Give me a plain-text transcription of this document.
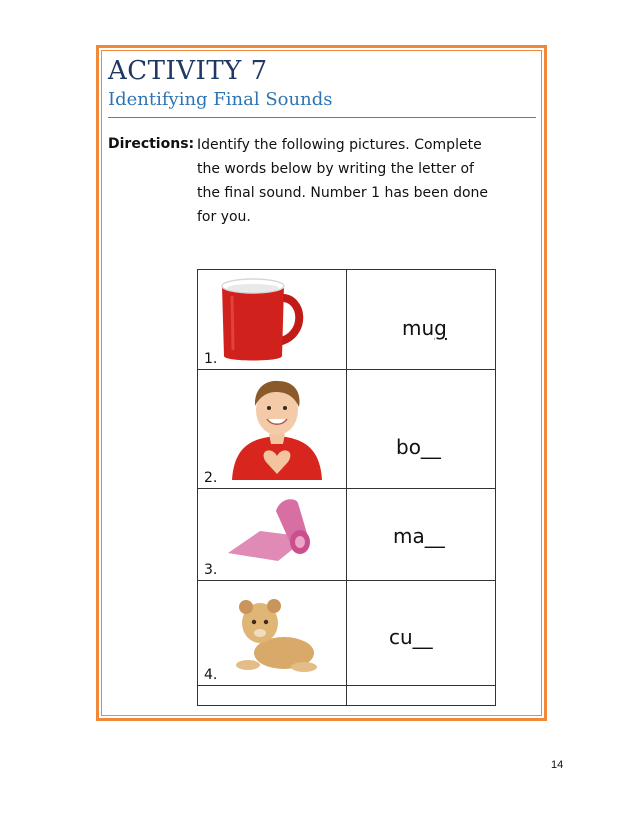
ACTIVITY 7
Identifying Final Sounds
Directions: Identify the following pictures. Complete the words below by writing the letter of the final sound. Number 1 has been done for you.
1.	mug

2.	bo__

3.	ma__

4.	cu__

14
